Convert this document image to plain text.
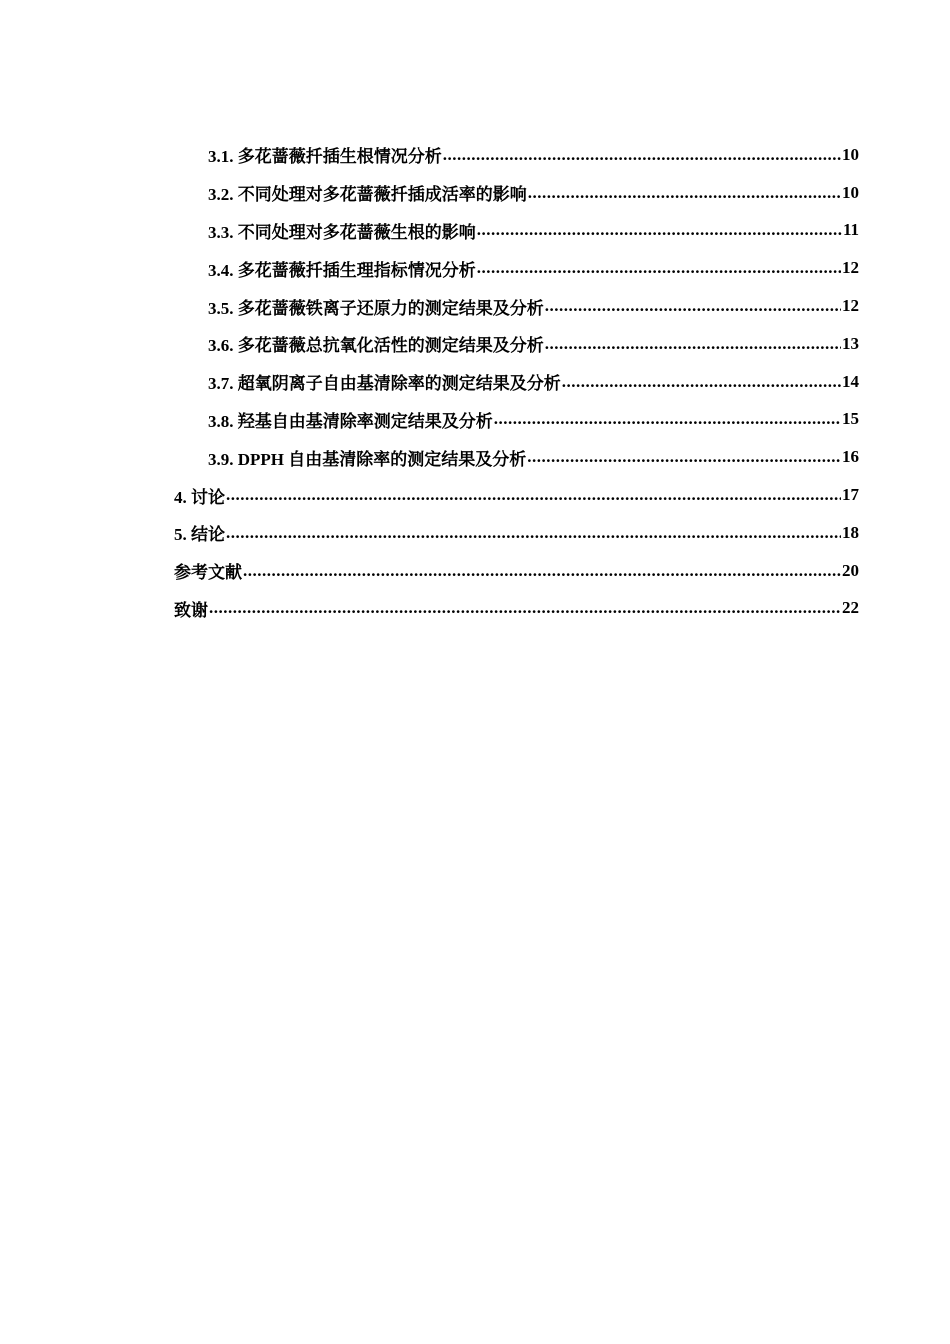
3.1. 多花蔷薇扦插生根情况分析 .....	10
3.2. 不同处理对多花蔷薇扦插成活率的影响 .....	10
3.3. 不同处理对多花蔷薇生根的影响 .....	11
3.4. 多花蔷薇扦插生理指标情况分析 .....	12
3.5. 多花蔷薇铁离子还原力的测定结果及分析 .....	12
3.6. 多花蔷薇总抗氧化活性的测定结果及分析 .....	13
3.7. 超氧阴离子自由基清除率的测定结果及分析 .....	14
3.8. 羟基自由基清除率测定结果及分析 .....	15
3.9. DPPH 自由基清除率的测定结果及分析 .....	16
4. 讨论 .....	17
5. 结论 .....	18
参考文献 .....	20
致谢 .....	22
